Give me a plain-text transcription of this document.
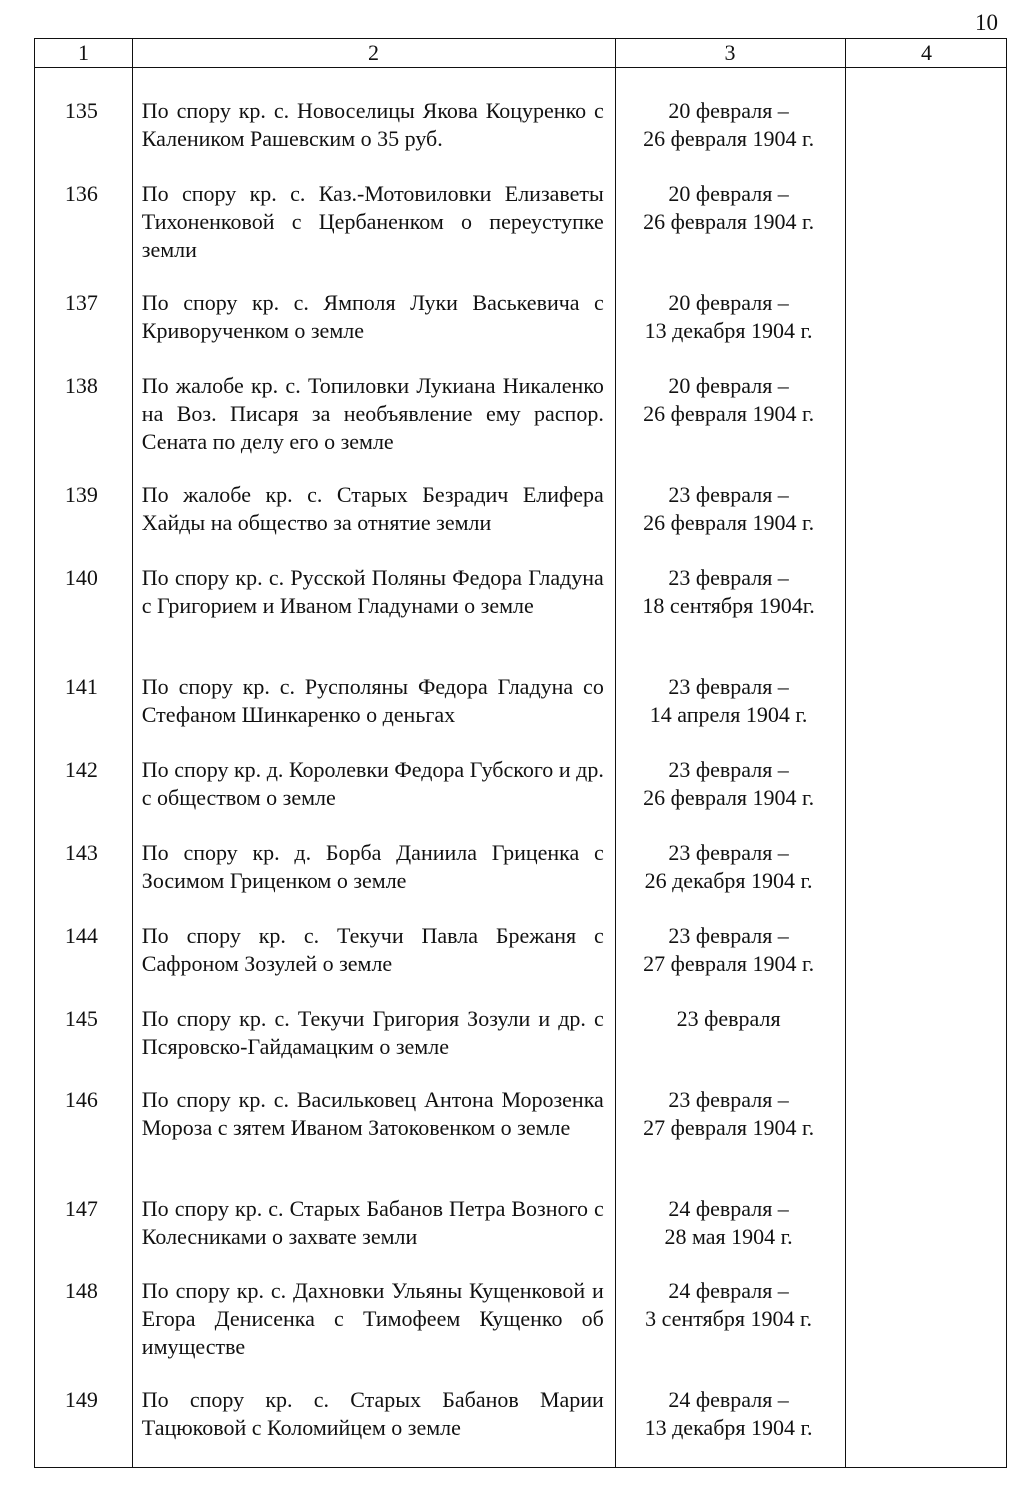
10
1	2	3	4
135	По спору кр. с. Новоселицы Якова Коцуренко с Калеником Рашевским о 35 руб.
20 февраля –
26 февраля 1904 г.
136	По спору кр. с. Каз.-Мотовиловки Елизаветы Тихоненковой с Цербаненком о переуступке земли
20 февраля –
26 февраля 1904 г.
137	По спору кр. с. Ямполя Луки Васькевича с Криворученком о земле
20 февраля –
13 декабря 1904 г.
138	По жалобе кр. с. Топиловки Лукиана Никаленко на Воз. Писаря за необъявление ему распор. Сената по делу его о земле
20 февраля –
26 февраля 1904 г.
139	По жалобе кр. с. Старых Безрадич Елифера Хайды на общество за отнятие земли
23 февраля –
26 февраля 1904 г.
140	По спору кр. с. Русской Поляны Федора Гладуна с Григорием и Иваном Гладунами о земле
23 февраля –
18 сентября 1904г.
141	По спору кр. с. Русполяны Федора Гладуна со Стефаном Шинкаренко о деньгах
23 февраля –
14 апреля 1904 г.
142	По спору кр. д. Королевки Федора Губского и др. с обществом о земле
23 февраля –
26 февраля 1904 г.
143	По спору кр. д. Борба Даниила Гриценка с Зосимом Гриценком о земле
23 февраля –
26 декабря 1904 г.
144	По спору кр. с. Текучи Павла Брежаня с Сафроном Зозулей о земле
23 февраля –
27 февраля 1904 г.
145	По спору кр. с. Текучи Григория Зозули и др. с Псяровско-Гайдамацким о земле
23 февраля

146	По спору кр. с. Васильковец Антона Морозенка Мороза с зятем Иваном Затоковенком о земле
23 февраля –
27 февраля 1904 г.
147	По спору кр. с. Старых Бабанов Петра Возного с Колесниками о захвате земли
24 февраля –
28 мая 1904 г.
148	По спору кр. с. Дахновки Ульяны Кущенковой и Егора Денисенка с Тимофеем Кущенко об имуществе
24 февраля –
3 сентября 1904 г.
149	По спору кр. с. Старых Бабанов Марии Тацюковой с Коломийцем о земле
24 февраля –
13 декабря 1904 г.
